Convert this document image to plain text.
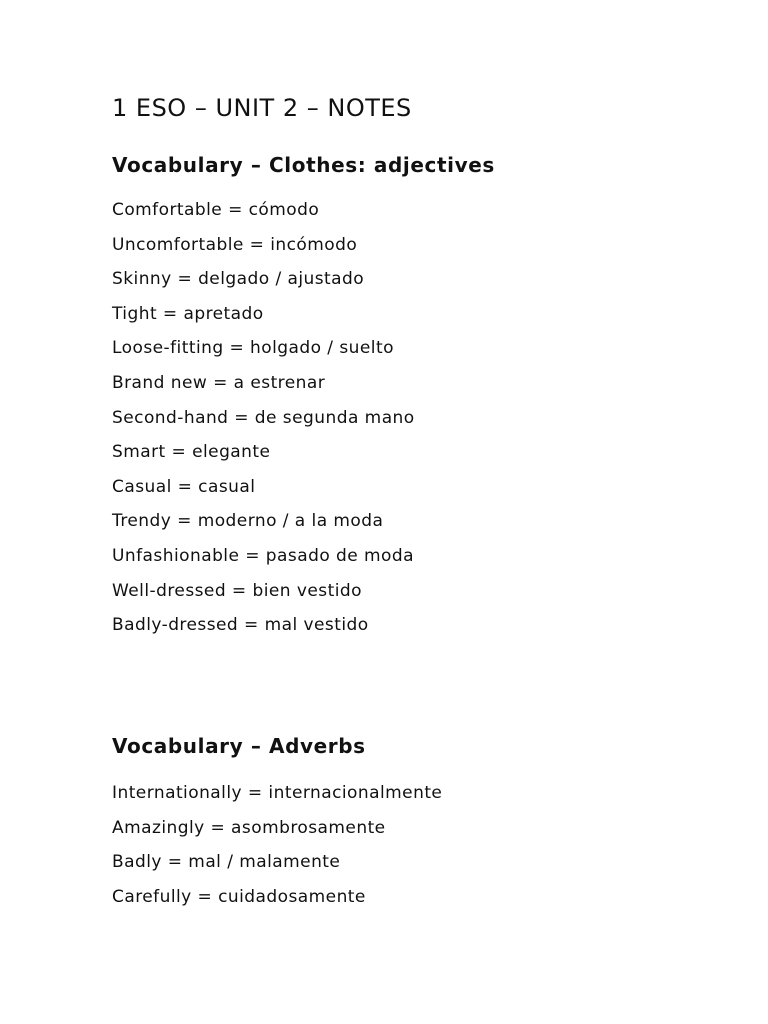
1 ESO – UNIT 2 – NOTES
Vocabulary – Clothes: adjectives
Comfortable = cómodo
Uncomfortable = incómodo
Skinny = delgado / ajustado
Tight = apretado
Loose-fitting = holgado / suelto
Brand new = a estrenar
Second-hand = de segunda mano
Smart = elegante
Casual = casual
Trendy = moderno / a la moda
Unfashionable = pasado de moda
Well-dressed = bien vestido
Badly-dressed = mal vestido
Vocabulary – Adverbs
Internationally = internacionalmente
Amazingly = asombrosamente
Badly = mal / malamente
Carefully = cuidadosamente
